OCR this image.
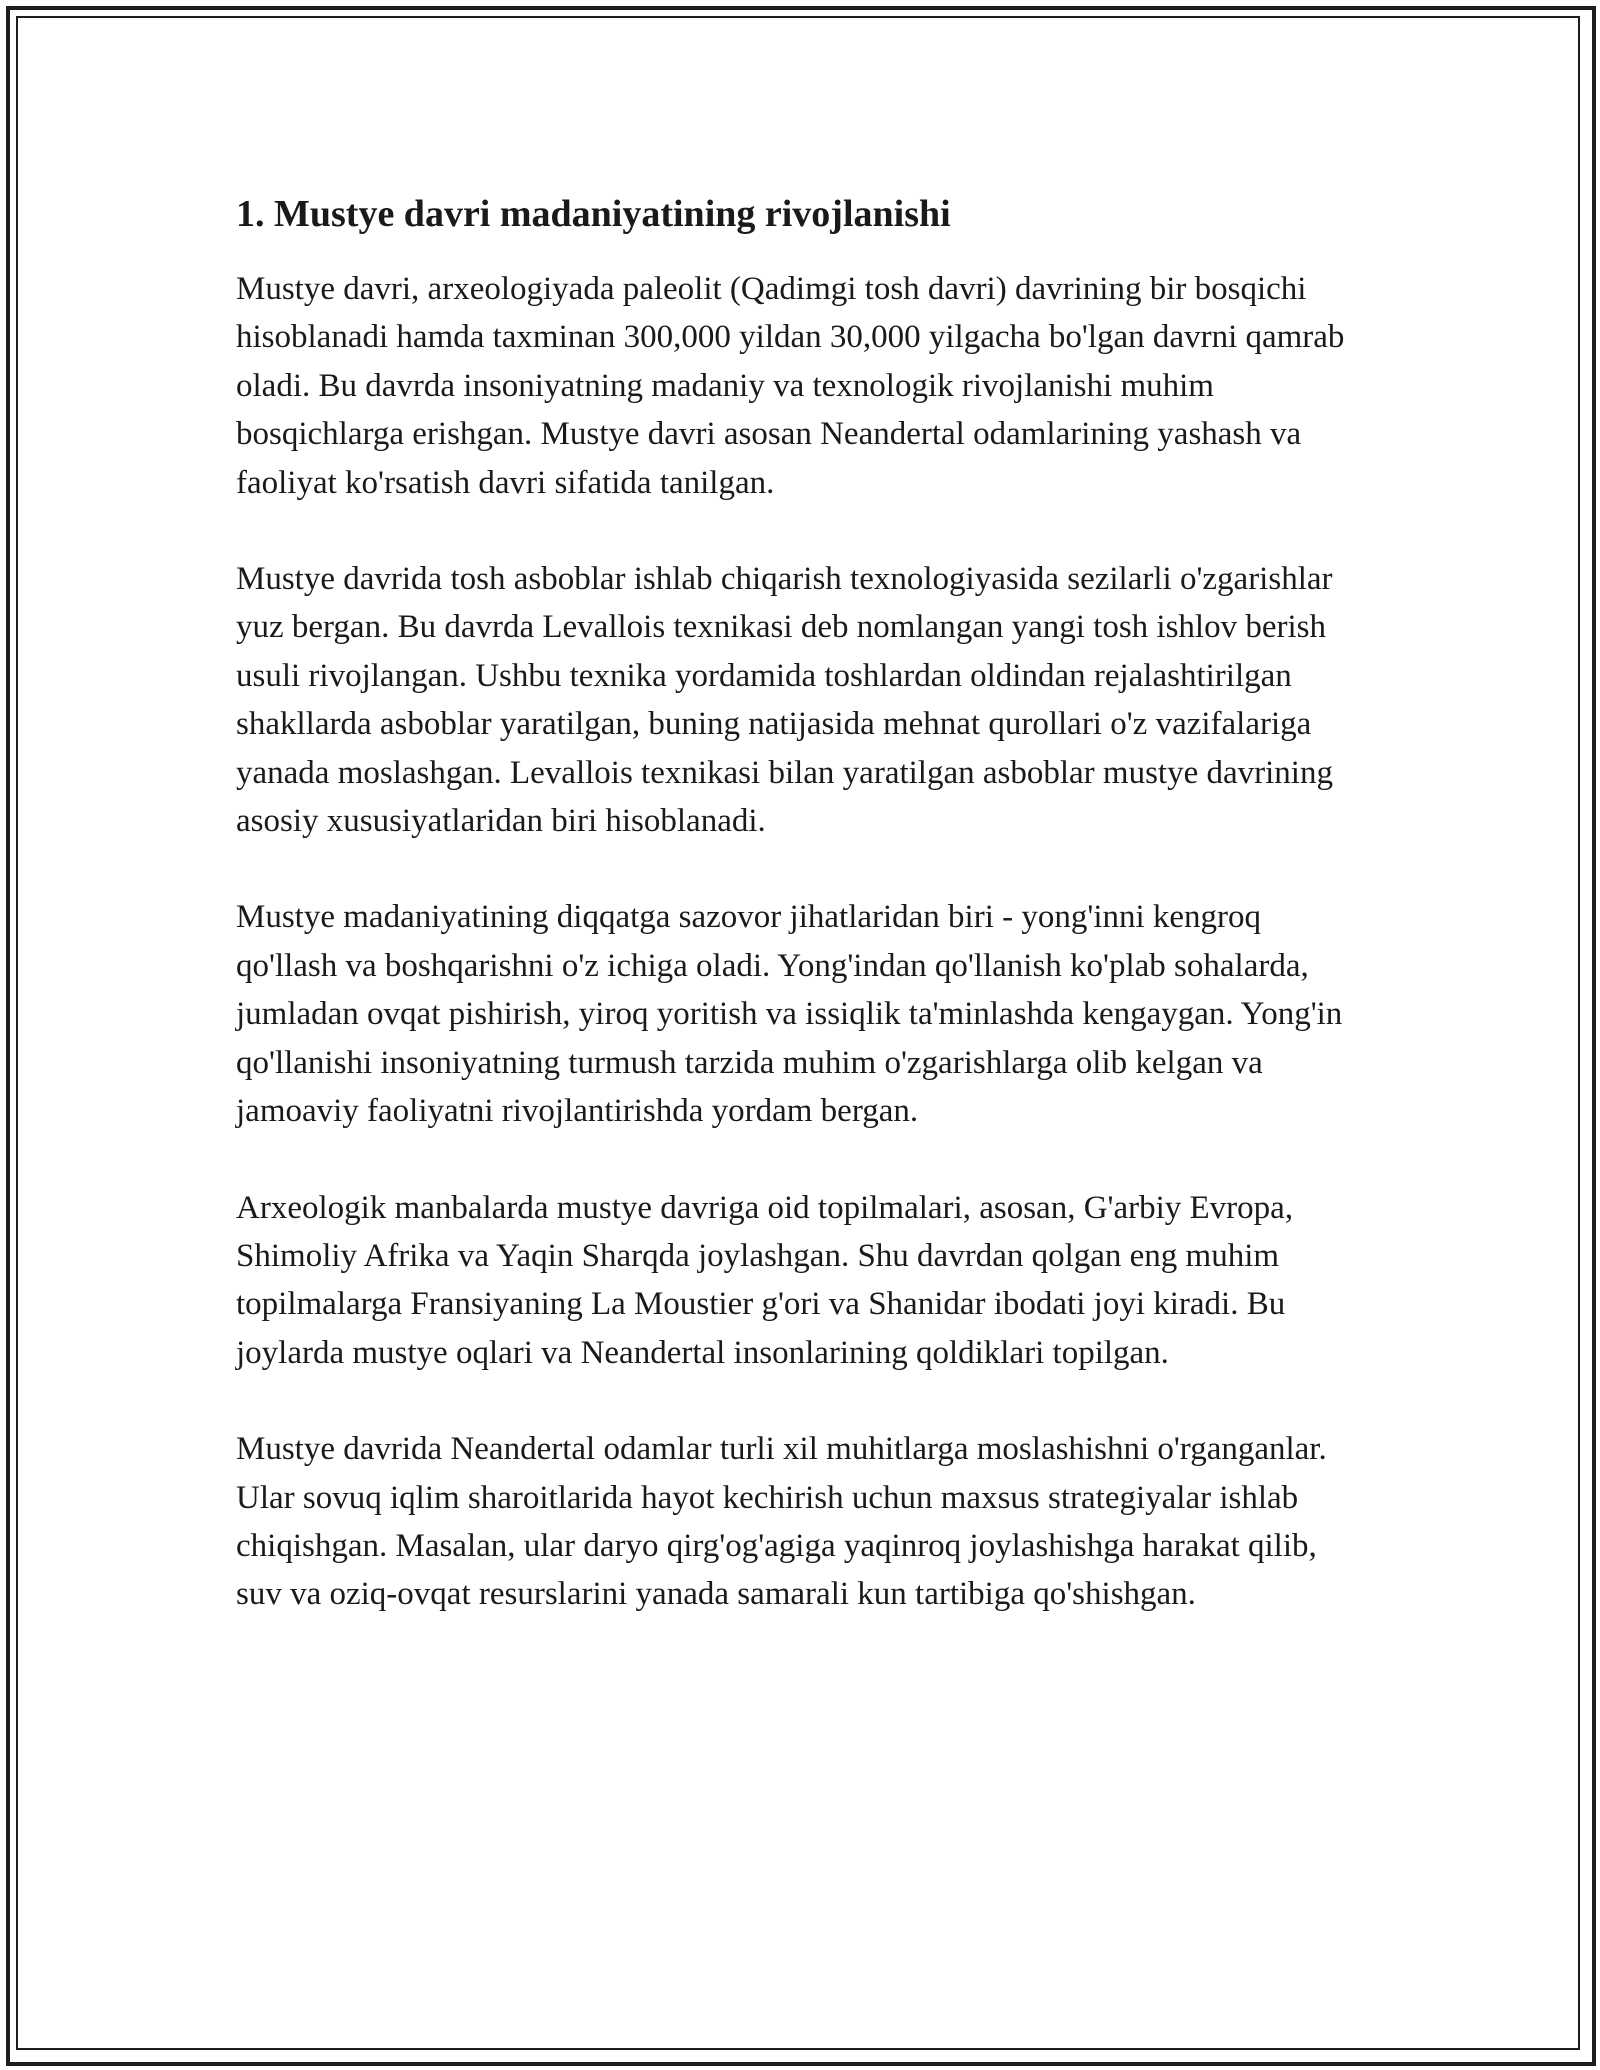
1. Mustye davri madaniyatining rivojlanishi

Mustye davri, arxeologiyada paleolit (Qadimgi tosh davri) davrining bir bosqichi hisoblanadi hamda taxminan 300,000 yildan 30,000 yilgacha bo'lgan davrni qamrab oladi. Bu davrda insoniyatning madaniy va texnologik rivojlanishi muhim bosqichlarga erishgan. Mustye davri asosan Neandertal odamlarining yashash va faoliyat ko'rsatish davri sifatida tanilgan.

Mustye davrida tosh asboblar ishlab chiqarish texnologiyasida sezilarli o'zgarishlar yuz bergan. Bu davrda Levallois texnikasi deb nomlangan yangi tosh ishlov berish usuli rivojlangan. Ushbu texnika yordamida toshlardan oldindan rejalashtirilgan shakllarda asboblar yaratilgan, buning natijasida mehnat qurollari o'z vazifalariga yanada moslashgan. Levallois texnikasi bilan yaratilgan asboblar mustye davrining asosiy xususiyatlaridan biri hisoblanadi.

Mustye madaniyatining diqqatga sazovor jihatlaridan biri - yong'inni kengroq qo'llash va boshqarishni o'z ichiga oladi. Yong'indan qo'llanish ko'plab sohalarda, jumladan ovqat pishirish, yiroq yoritish va issiqlik ta'minlashda kengaygan. Yong'in qo'llanishi insoniyatning turmush tarzida muhim o'zgarishlarga olib kelgan va jamoaviy faoliyatni rivojlantirishda yordam bergan.

Arxeologik manbalarda mustye davriga oid topilmalari, asosan, G'arbiy Evropa, Shimoliy Afrika va Yaqin Sharqda joylashgan. Shu davrdan qolgan eng muhim topilmalarga Fransiyaning La Moustier g'ori va Shanidar ibodati joyi kiradi. Bu joylarda mustye oqlari va Neandertal insonlarining qoldiklari topilgan.

Mustye davrida Neandertal odamlar turli xil muhitlarga moslashishni o'rganganlar. Ular sovuq iqlim sharoitlarida hayot kechirish uchun maxsus strategiyalar ishlab chiqishgan. Masalan, ular daryo qirg'og'agiga yaqinroq joylashishga harakat qilib, suv va oziq-ovqat resurslarini yanada samarali kun tartibiga qo'shishgan.
